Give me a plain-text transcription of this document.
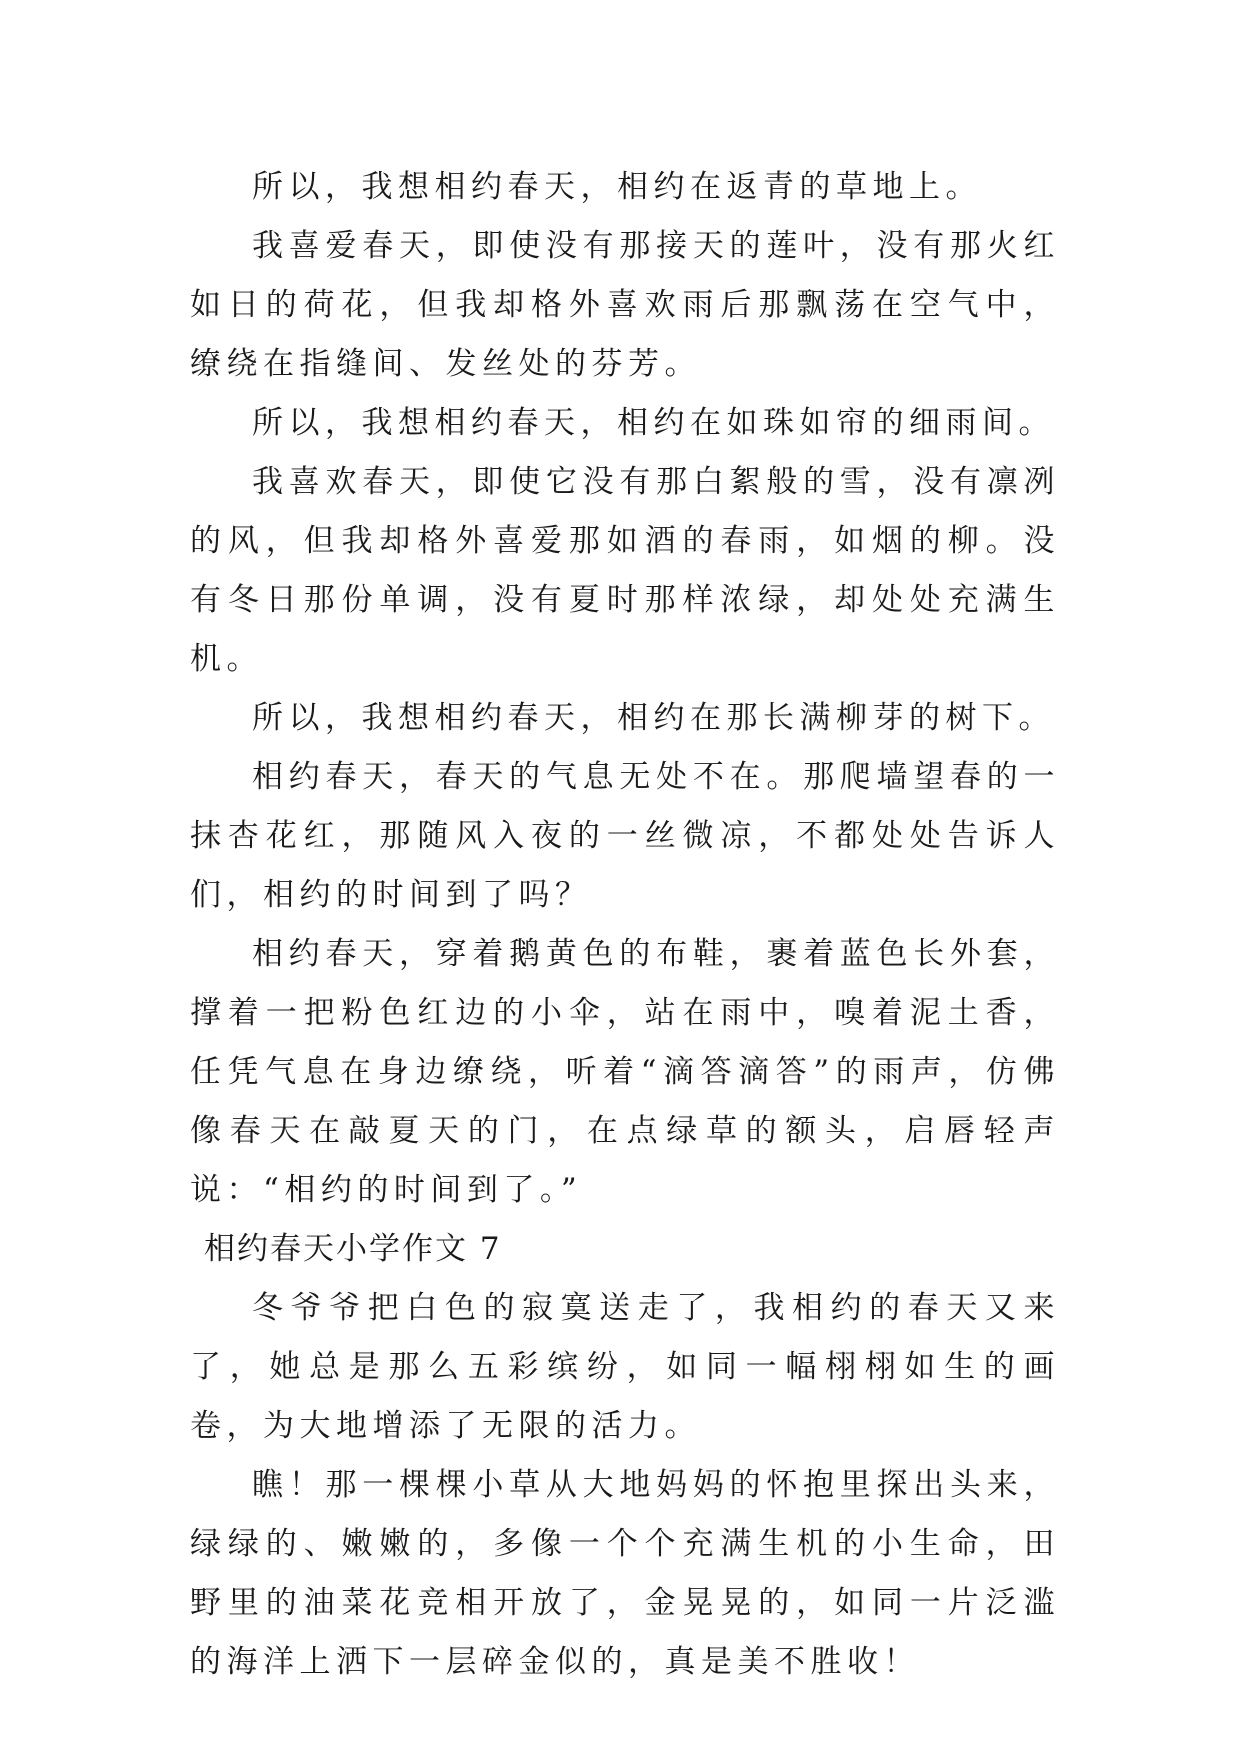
所以，我想相约春天，相约在返青的草地上。

我喜爱春天，即使没有那接天的莲叶，没有那火红如日的荷花，但我却格外喜欢雨后那飘荡在空气中，缭绕在指缝间、发丝处的芬芳。

所以，我想相约春天，相约在如珠如帘的细雨间。

我喜欢春天，即使它没有那白絮般的雪，没有凛冽的风，但我却格外喜爱那如酒的春雨，如烟的柳。没有冬日那份单调，没有夏时那样浓绿，却处处充满生机。

所以，我想相约春天，相约在那长满柳芽的树下。

相约春天，春天的气息无处不在。那爬墙望春的一抹杏花红，那随风入夜的一丝微凉，不都处处告诉人们，相约的时间到了吗？

相约春天，穿着鹅黄色的布鞋，裹着蓝色长外套，撑着一把粉色红边的小伞，站在雨中，嗅着泥土香，任凭气息在身边缭绕，听着“滴答滴答”的雨声，仿佛像春天在敲夏天的门，在点绿草的额头，启唇轻声说：“相约的时间到了。”

相约春天小学作文 7

冬爷爷把白色的寂寞送走了，我相约的春天又来了，她总是那么五彩缤纷，如同一幅栩栩如生的画卷，为大地增添了无限的活力。

瞧！那一棵棵小草从大地妈妈的怀抱里探出头来，绿绿的、嫩嫩的，多像一个个充满生机的小生命，田野里的油菜花竞相开放了，金晃晃的，如同一片泛滥的海洋上洒下一层碎金似的，真是美不胜收！
